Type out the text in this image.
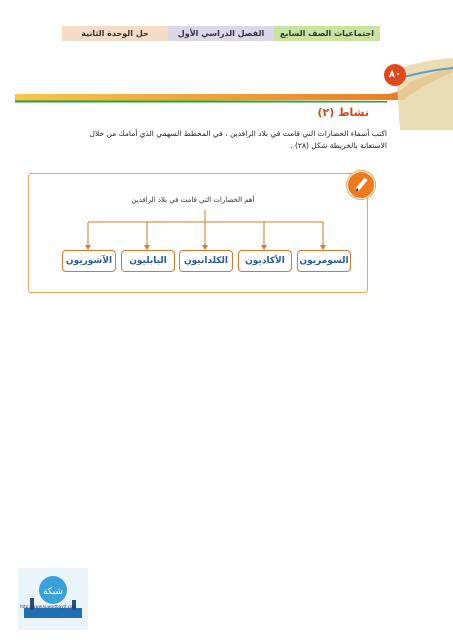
اجتماعيات الصف السابع
الفصل الدراسي الأول
حل الوحدة الثانية
٨٠
نشاط (٢)
اكتب أسماء الحضارات التي قامت في بلاد الرافدين ، في المخطط السهمي الذي أمامك من خلال الاستعانة بالخريطة شكل (٢٨) .
أهم الحضارات التي قامت في بلاد الرافدين
السومريون
الأكاديون
الكلدانيون
البابليون
الآشوريون
شبكة
http://www.kuwaitbaytt.com
